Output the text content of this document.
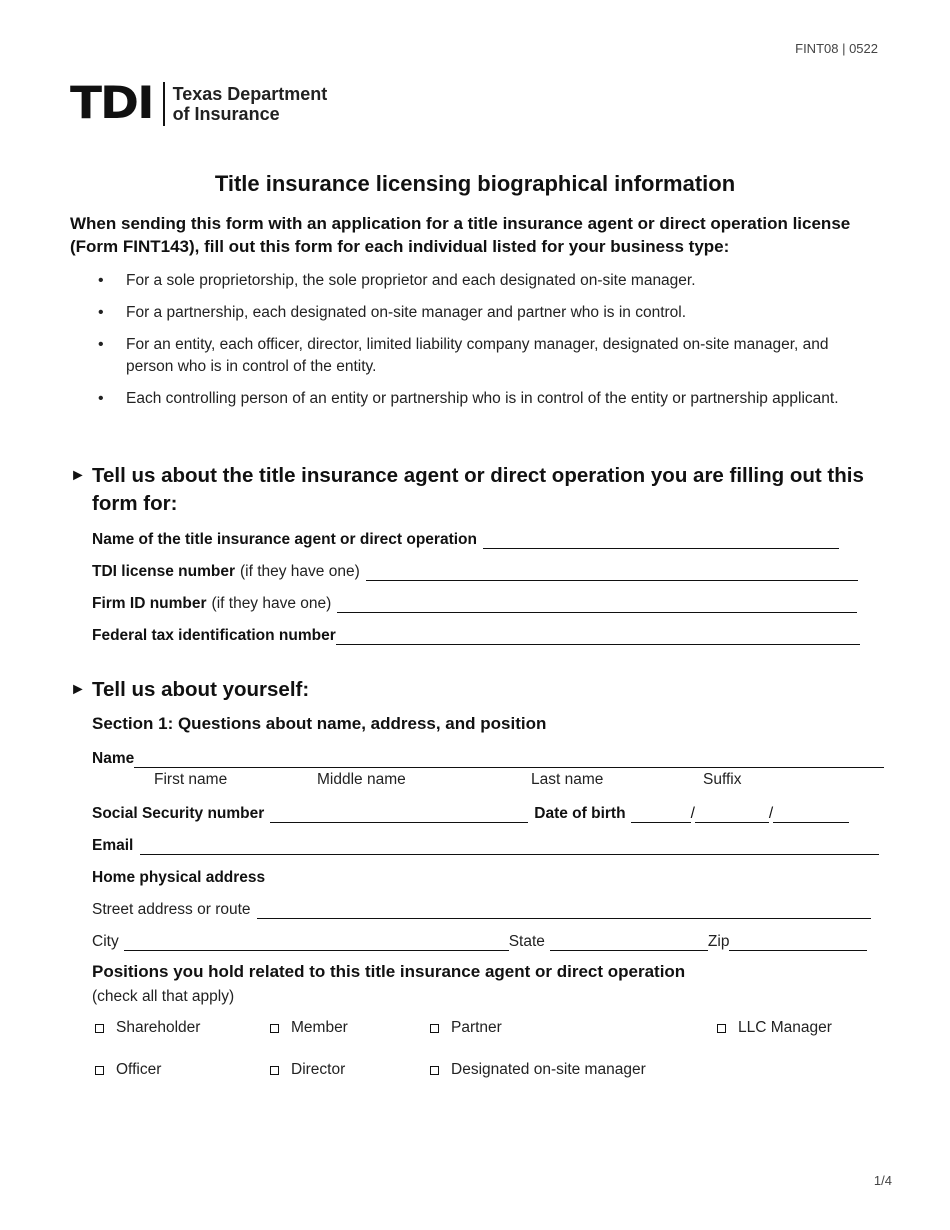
FINT08 | 0522
TDI Texas Department
of Insurance
Title insurance licensing biographical information
When sending this form with an application for a title insurance agent or direct operation license (Form FINT143), fill out this form for each individual listed for your business type:
• For a sole proprietorship, the sole proprietor and each designated on-site manager.
• For a partnership, each designated on-site manager and partner who is in control.
• For an entity, each officer, director, limited liability company manager, designated on-site manager, and person who is in control of the entity.
• Each controlling person of an entity or partnership who is in control of the entity or partnership applicant.
► Tell us about the title insurance agent or direct operation you are filling out this form for:
Name of the title insurance agent or direct operation
TDI license number (if they have one)
Firm ID number (if they have one)
Federal tax identification number
► Tell us about yourself:
Section 1: Questions about name, address, and position
Name
First name	Middle name	Last name	Suffix
Social Security number	Date of birth	/	/
Email
Home physical address
Street address or route
City	State	Zip
Positions you hold related to this title insurance agent or direct operation
(check all that apply)
Shareholder	Member	Partner	LLC Manager
Officer	Director	Designated on-site manager
1/4
